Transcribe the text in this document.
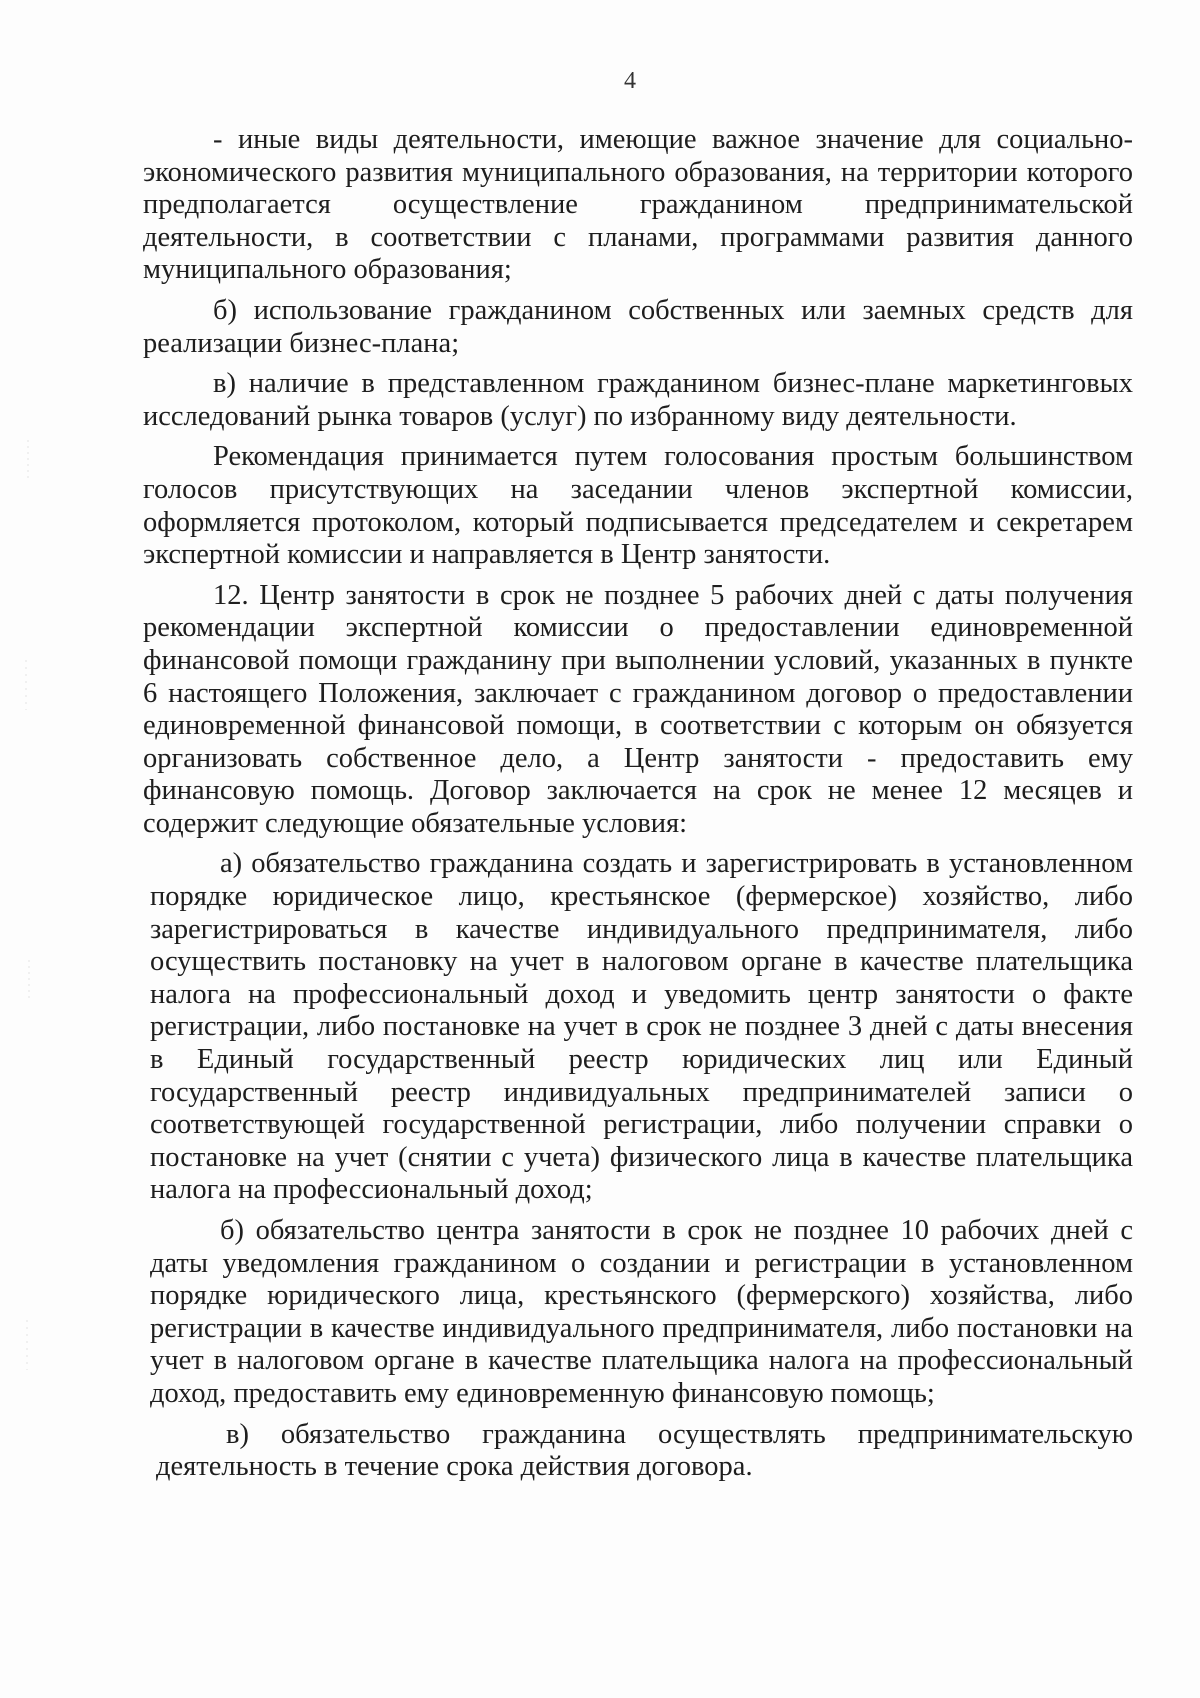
4

- иные виды деятельности, имеющие важное значение для социально-экономического развития муниципального образования, на территории которого предполагается осуществление гражданином предпринимательской деятельности, в соответствии с планами, программами развития данного муниципального образования;

б) использование гражданином собственных или заемных средств для реализации бизнес-плана;

в) наличие в представленном гражданином бизнес-плане маркетинговых исследований рынка товаров (услуг) по избранному виду деятельности.

Рекомендация принимается путем голосования простым большинством голосов присутствующих на заседании членов экспертной комиссии, оформляется протоколом, который подписывается председателем и секретарем экспертной комиссии и направляется в Центр занятости.

12. Центр занятости в срок не позднее 5 рабочих дней с даты получения рекомендации экспертной комиссии о предоставлении единовременной финансовой помощи гражданину при выполнении условий, указанных в пункте 6 настоящего Положения, заключает с гражданином договор о предоставлении единовременной финансовой помощи, в соответствии с которым он обязуется организовать собственное дело, а Центр занятости - предоставить ему финансовую помощь. Договор заключается на срок не менее 12 месяцев и содержит следующие обязательные условия:

а) обязательство гражданина создать и зарегистрировать в установленном порядке юридическое лицо, крестьянское (фермерское) хозяйство, либо зарегистрироваться в качестве индивидуального предпринимателя, либо осуществить постановку на учет в налоговом органе в качестве плательщика налога на профессиональный доход и уведомить центр занятости о факте регистрации, либо постановке на учет в срок не позднее 3 дней с даты внесения в Единый государственный реестр юридических лиц или Единый государственный реестр индивидуальных предпринимателей записи о соответствующей государственной регистрации, либо получении справки о постановке на учет (снятии с учета) физического лица в качестве плательщика налога на профессиональный доход;

б) обязательство центра занятости в срок не позднее 10 рабочих дней с даты уведомления гражданином о создании и регистрации в установленном порядке юридического лица, крестьянского (фермерского) хозяйства, либо регистрации в качестве индивидуального предпринимателя, либо постановки на учет в налоговом органе в качестве плательщика налога на профессиональный доход, предоставить ему единовременную финансовую помощь;

в) обязательство гражданина осуществлять предпринимательскую деятельность в течение срока действия договора.
